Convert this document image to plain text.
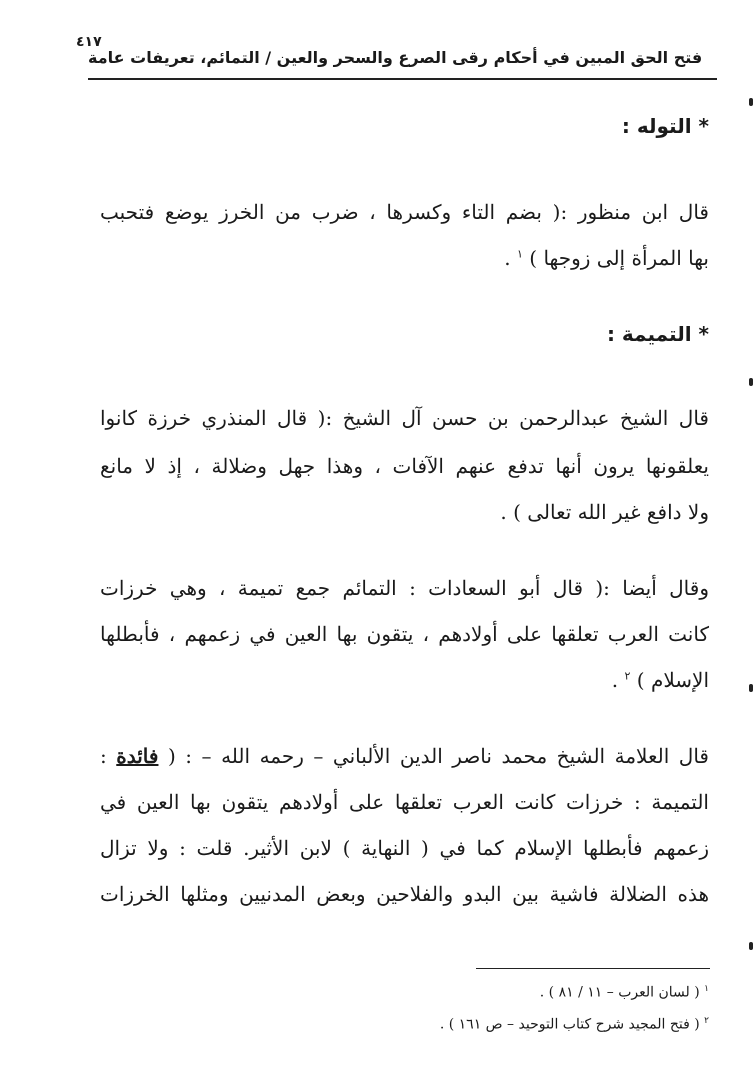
٤١٧
فتح الحق المبين في أحكام رقى الصرع والسحر والعين / التمائم، تعريفات عامة
* التوله :
قال ابن منظور :( بضم التاء وكسرها ، ضرب من الخرز يوضع فتحبب
بها المرأة إلى زوجها ) $^١$ .
* التميمة :
قال الشيخ عبدالرحمن بن حسن آل الشيخ :( قال المنذري خرزة كانوا
يعلقونها يرون أنها تدفع عنهم الآفات ، وهذا جهل وضلالة ، إذ لا مانع
ولا دافع غير الله تعالى ) .
وقال أيضا :( قال أبو السعادات : التمائم جمع تميمة ، وهي خرزات
كانت العرب تعلقها على أولادهم ، يتقون بها العين في زعمهم ، فأبطلها
الإسلام ) $^٢$ .
قال العلامة الشيخ محمد ناصر الدين الألباني – رحمه الله – : ( فائدة :
التميمة : خرزات كانت العرب تعلقها على أولادهم يتقون بها العين في
زعمهم فأبطلها الإسلام كما في ( النهاية ) لابن الأثير. قلت : ولا تزال
هذه الضلالة فاشية بين البدو والفلاحين وبعض المدنيين ومثلها الخرزات
$^١$ ( لسان العرب – ١١ / ٨١ ) .
$^٢$ ( فتح المجيد شرح كتاب التوحيد – ص ١٦١ ) .
